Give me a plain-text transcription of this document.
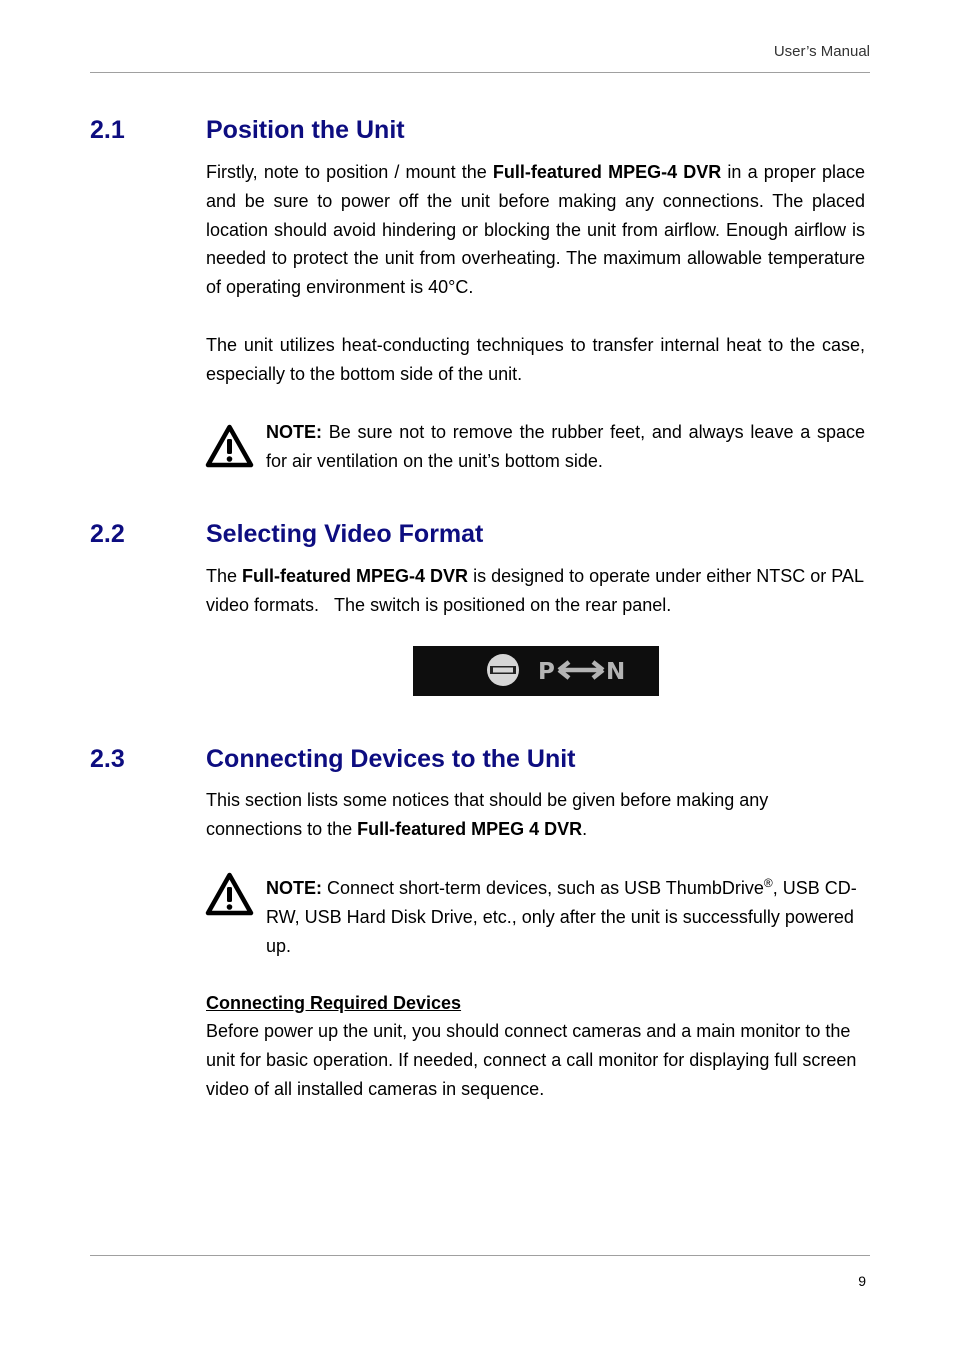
User’s Manual
2.1	Position the Unit
Firstly, note to position / mount the Full-featured MPEG-4 DVR in a proper place and be sure to power off the unit before making any connections. The placed location should avoid hindering or blocking the unit from airflow. Enough airflow is needed to protect the unit from overheating. The maximum allowable temperature of operating environment is 40°C.
The unit utilizes heat-conducting techniques to transfer internal heat to the case, especially to the bottom side of the unit.
NOTE: Be sure not to remove the rubber feet, and always leave a space for air ventilation on the unit’s bottom side.
2.2	Selecting Video Format
The Full-featured MPEG-4 DVR is designed to operate under either NTSC or PAL video formats.   The switch is positioned on the rear panel.
P N
2.3	Connecting Devices to the Unit
This section lists some notices that should be given before making any connections to the Full-featured MPEG 4 DVR.
NOTE: Connect short-term devices, such as USB ThumbDrive®, USB CD-RW, USB Hard Disk Drive, etc., only after the unit is successfully powered up.
Connecting Required Devices
Before power up the unit, you should connect cameras and a main monitor to the unit for basic operation. If needed, connect a call monitor for displaying full screen video of all installed cameras in sequence.
9
